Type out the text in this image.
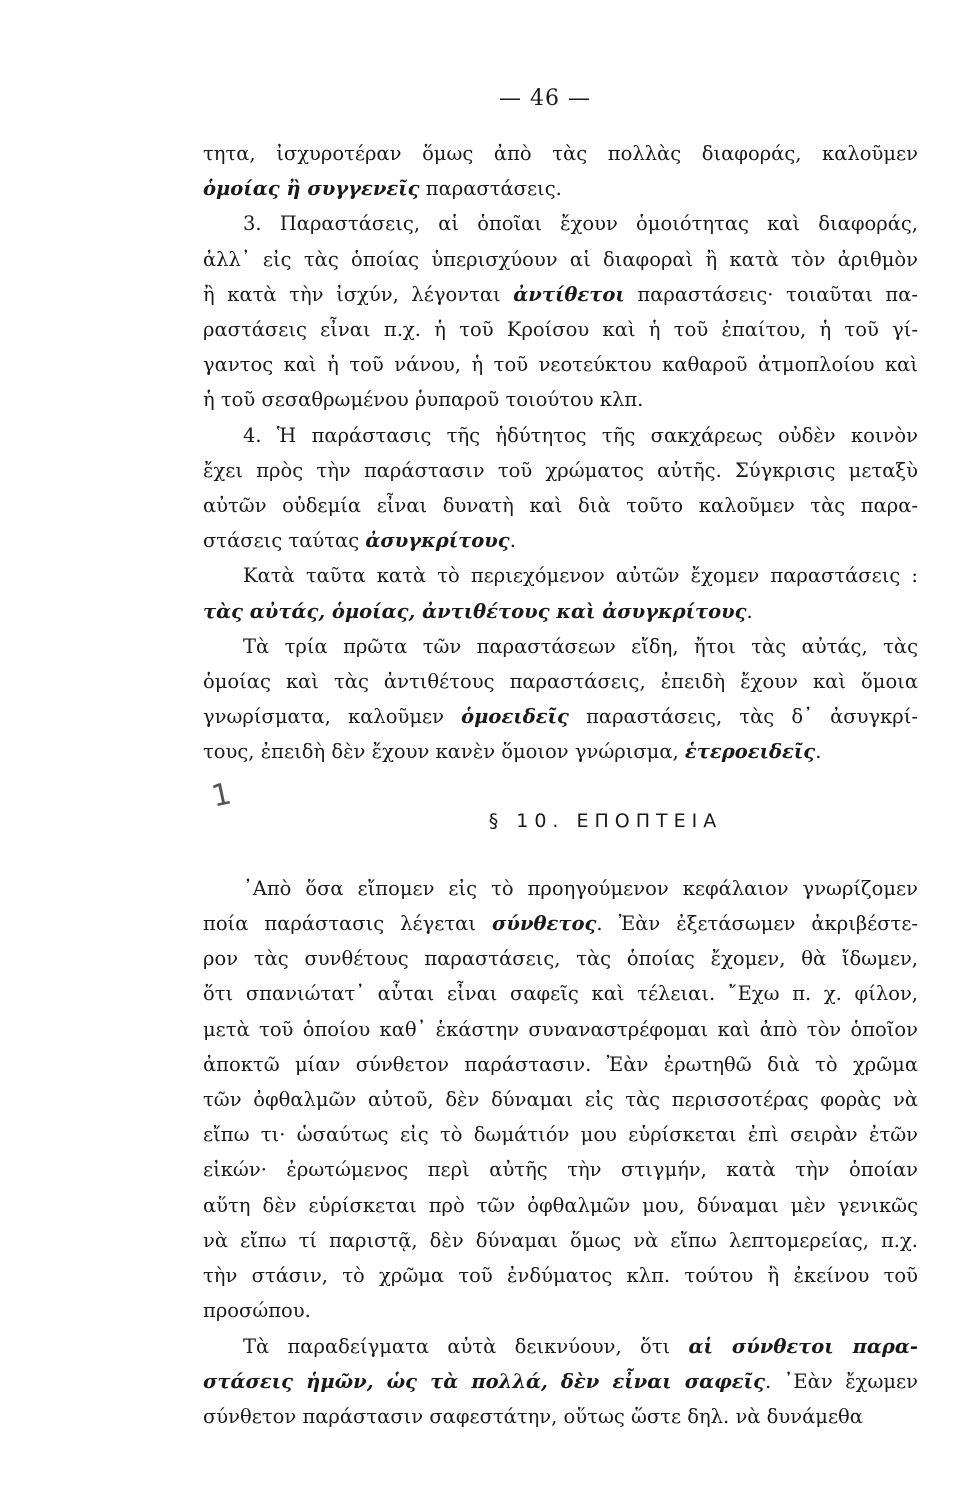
— 46 —
1
τητα, ἰσχυροτέραν ὅμως ἀπὸ τὰς πολλὰς διαφοράς, καλοῦμεν
ὁμοίας ἢ συγγενεῖς παραστάσεις.
3. Παραστάσεις, αἱ ὁποῖαι ἔχουν ὁμοιότητας καὶ διαφοράς,
ἀλλ᾽ εἰς τὰς ὁποίας ὑπερισχύουν αἱ διαφοραὶ ἢ κατὰ τὸν ἀριθμὸν
ἢ κατὰ τὴν ἰσχύν, λέγονται ἀντίθετοι παραστάσεις· τοιαῦται πα-
ραστάσεις εἶναι π.χ. ἡ τοῦ Κροίσου καὶ ἡ τοῦ ἐπαίτου, ἡ τοῦ γί-
γαντος καὶ ἡ τοῦ νάνου, ἡ τοῦ νεοτεύκτου καθαροῦ ἀτμοπλοίου καὶ
ἡ τοῦ σεσαθρωμένου ῥυπαροῦ τοιούτου κλπ.
4. Ἡ παράστασις τῆς ἡδύτητος τῆς σακχάρεως οὐδὲν κοινὸν
ἔχει πρὸς τὴν παράστασιν τοῦ χρώματος αὐτῆς. Σύγκρισις μεταξὺ
αὐτῶν οὐδεμία εἶναι δυνατὴ καὶ διὰ τοῦτο καλοῦμεν τὰς παρα-
στάσεις ταύτας ἀσυγκρίτους.
Κατὰ ταῦτα κατὰ τὸ περιεχόμενον αὐτῶν ἔχομεν παραστάσεις :
τὰς αὐτάς, ὁμοίας, ἀντιθέτους καὶ ἀσυγκρίτους.
Τὰ τρία πρῶτα τῶν παραστάσεων εἴδη, ἤτοι τὰς αὐτάς, τὰς
ὁμοίας καὶ τὰς ἀντιθέτους παραστάσεις, ἐπειδὴ ἔχουν καὶ ὅμοια
γνωρίσματα, καλοῦμεν ὁμοειδεῖς παραστάσεις, τὰς δ᾽ ἀσυγκρί-
τους, ἐπειδὴ δὲν ἔχουν κανὲν ὅμοιον γνώρισμα, ἑτεροειδεῖς.
§ 10. ΕΠΟΠΤΕΙΑ
᾽Απὸ ὅσα εἴπομεν εἰς τὸ προηγούμενον κεφάλαιον γνωρίζομεν
ποία παράστασις λέγεται σύνθετος. Ἐὰν ἐξετάσωμεν ἀκριβέστε-
ρον τὰς συνθέτους παραστάσεις, τὰς ὁποίας ἔχομεν, θὰ ἴδωμεν,
ὅτι σπανιώτατ᾽ αὗται εἶναι σαφεῖς καὶ τέλειαι. ῎Εχω π. χ. φίλον,
μετὰ τοῦ ὁποίου καθ᾽ ἑκάστην συναναστρέφομαι καὶ ἀπὸ τὸν ὁποῖον
ἀποκτῶ μίαν σύνθετον παράστασιν. Ἐὰν ἐρωτηθῶ διὰ τὸ χρῶμα
τῶν ὀφθαλμῶν αὐτοῦ, δὲν δύναμαι εἰς τὰς περισσοτέρας φορὰς νὰ
εἴπω τι· ὡσαύτως εἰς τὸ δωμάτιόν μου εὑρίσκεται ἐπὶ σειρὰν ἐτῶν
εἰκών· ἐρωτώμενος περὶ αὐτῆς τὴν στιγμήν, κατὰ τὴν ὁποίαν
αὕτη δὲν εὑρίσκεται πρὸ τῶν ὀφθαλμῶν μου, δύναμαι μὲν γενικῶς
νὰ εἴπω τί παριστᾷ, δὲν δύναμαι ὅμως νὰ εἴπω λεπτομερείας, π.χ.
τὴν στάσιν, τὸ χρῶμα τοῦ ἐνδύματος κλπ. τούτου ἢ ἐκείνου τοῦ
προσώπου.
Τὰ παραδείγματα αὐτὰ δεικνύουν, ὅτι αἱ σύνθετοι παρα-
στάσεις ἡμῶν, ὡς τὰ πολλά, δὲν εἶναι σαφεῖς. ᾽Εὰν ἔχωμεν
σύνθετον παράστασιν σαφεστάτην, οὕτως ὥστε δηλ. νὰ δυνάμεθα
